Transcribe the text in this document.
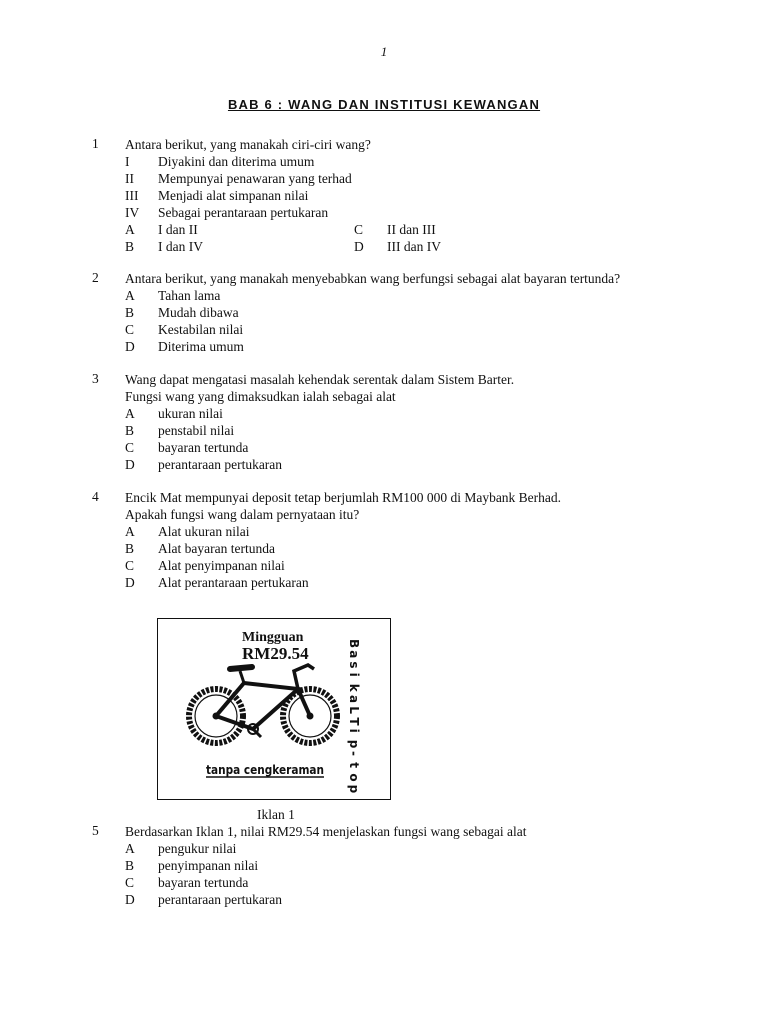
1
BAB 6 : WANG DAN INSTITUSI KEWANGAN
1 Antara berikut, yang manakah ciri-ciri wang?
I Diyakini dan diterima umum
II Mempunyai penawaran yang terhad
III Menjadi alat simpanan nilai
IV Sebagai perantaraan pertukaran
A I dan II
B I dan IV
C II dan III
D III dan IV
2 Antara berikut, yang manakah menyebabkan wang berfungsi sebagai alat bayaran tertunda?
A Tahan lama
B Mudah dibawa
C Kestabilan nilai
D Diterima umum
3 Wang dapat mengatasi masalah kehendak serentak dalam Sistem Barter.
Fungsi wang yang dimaksudkan ialah sebagai alat
A ukuran nilai
B penstabil nilai
C bayaran tertunda
D perantaraan pertukaran
4 Encik Mat mempunyai deposit tetap berjumlah RM100 000 di Maybank Berhad.
Apakah fungsi wang dalam pernyataan itu?
A Alat ukuran nilai
B Alat bayaran tertunda
C Alat penyimpanan nilai
D Alat perantaraan pertukaran
Mingguan
RM29.54
B
a
s
i
k
a
L
T
i
p
-
t
o
p
tanpa cengkeraman
Iklan 1
5 Berdasarkan Iklan 1, nilai RM29.54 menjelaskan fungsi wang sebagai alat
A pengukur nilai
B penyimpanan nilai
C bayaran tertunda
D perantaraan pertukaran
